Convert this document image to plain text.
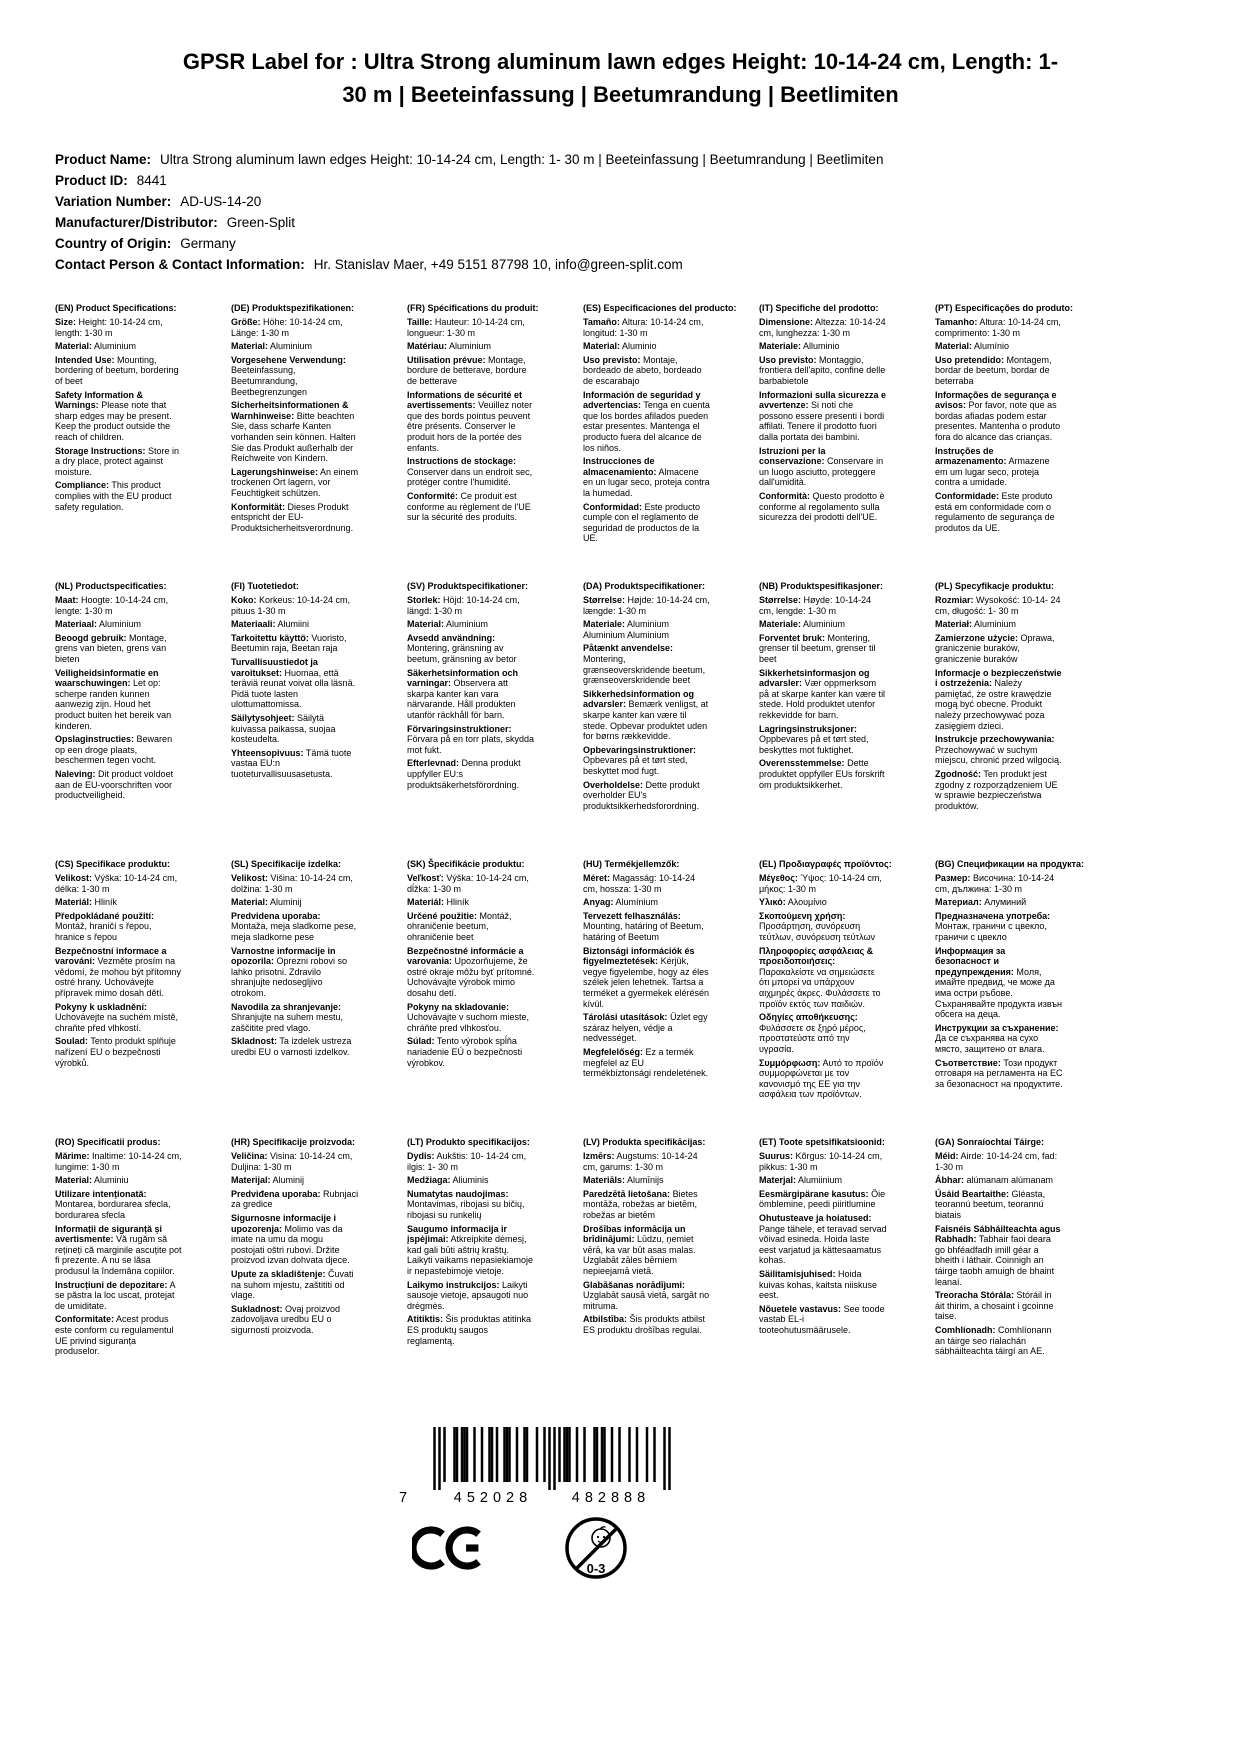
GPSR Label for : Ultra Strong aluminum lawn edges Height: 10-14-24 cm, Length: 1- 30 m | Beeteinfassung | Beetumrandung | Beetlimiten
Product Name: Ultra Strong aluminum lawn edges Height: 10-14-24 cm, Length: 1- 30 m | Beeteinfassung | Beetumrandung | Beetlimiten
Product ID: 8441
Variation Number: AD-US-14-20
Manufacturer/Distributor: Green-Split
Country of Origin: Germany
Contact Person & Contact Information: Hr. Stanislav Maer, +49 5151 87798 10, info@green-split.com
(EN) Product Specifications:

Size: Height: 10-14-24 cm, length: 1-30 m

Material: Aluminium

Intended Use: Mounting, bordering of beetum, bordering of beet

Safety Information & Warnings: Please note that sharp edges may be present. Keep the product outside the reach of children.

Storage Instructions: Store in a dry place, protect against moisture.

Compliance: This product complies with the EU product safety regulation.

(DE) Produktspezifikationen:

Größe: Höhe: 10-14-24 cm, Länge: 1-30 m

Material: Aluminium

Vorgesehene Verwendung: Beeteinfassung, Beetumrandung, Beetbegrenzungen

Sicherheitsinformationen & Warnhinweise: Bitte beachten Sie, dass scharfe Kanten vorhanden sein können. Halten Sie das Produkt außerhalb der Reichweite von Kindern.

Lagerungshinweise: An einem trockenen Ort lagern, vor Feuchtigkeit schützen.

Konformität: Dieses Produkt entspricht der EU-Produktsicherheitsverordnung.

(FR) Spécifications du produit:

Taille: Hauteur: 10-14-24 cm, longueur: 1-30 m

Matériau: Aluminium

Utilisation prévue: Montage, bordure de betterave, bordure de betterave

Informations de sécurité et avertissements: Veuillez noter que des bords pointus peuvent être présents. Conserver le produit hors de la portée des enfants.

Instructions de stockage: Conserver dans un endroit sec, protéger contre l'humidité.

Conformité: Ce produit est conforme au règlement de l'UE sur la sécurité des produits.

(ES) Especificaciones del producto:

Tamaño: Altura: 10-14-24 cm, longitud: 1-30 m

Material: Aluminio

Uso previsto: Montaje, bordeado de abeto, bordeado de escarabajo

Información de seguridad y advertencias: Tenga en cuenta que los bordes afilados pueden estar presentes. Mantenga el producto fuera del alcance de los niños.

Instrucciones de almacenamiento: Almacene en un lugar seco, proteja contra la humedad.

Conformidad: Este producto cumple con el reglamento de seguridad de productos de la UE.

(IT) Specifiche del prodotto:

Dimensione: Altezza: 10-14-24 cm, lunghezza: 1-30 m

Materiale: Alluminio

Uso previsto: Montaggio, frontiera dell'apito, confine delle barbabietole

Informazioni sulla sicurezza e avvertenze: Si noti che possono essere presenti i bordi affilati. Tenere il prodotto fuori dalla portata dei bambini.

Istruzioni per la conservazione: Conservare in un luogo asciutto, proteggere dall'umidità.

Conformità: Questo prodotto è conforme al regolamento sulla sicurezza dei prodotti dell'UE.

(PT) Especificações do produto:

Tamanho: Altura: 10-14-24 cm, comprimento: 1-30 m

Material: Alumínio

Uso pretendido: Montagem, bordar de beetum, bordar de beterraba

Informações de segurança e avisos: Por favor, note que as bordas afiadas podem estar presentes. Mantenha o produto fora do alcance das crianças.

Instruções de armazenamento: Armazene em um lugar seco, proteja contra a umidade.

Conformidade: Este produto está em conformidade com o regulamento de segurança de produtos da UE.

(NL) Productspecificaties:

Maat: Hoogte: 10-14-24 cm, lengte: 1-30 m

Materiaal: Aluminium

Beoogd gebruik: Montage, grens van bieten, grens van bieten

Veiligheidsinformatie en waarschuwingen: Let op: scherpe randen kunnen aanwezig zijn. Houd het product buiten het bereik van kinderen.

Opslaginstructies: Bewaren op een droge plaats, beschermen tegen vocht.

Naleving: Dit product voldoet aan de EU-voorschriften voor productveiligheid.

(FI) Tuotetiedot:

Koko: Korkeus: 10-14-24 cm, pituus 1-30 m

Materiaali: Alumiini

Tarkoitettu käyttö: Vuoristo, Beetumin raja, Beetan raja

Turvallisuustiedot ja varoitukset: Huomaa, että teräviä reunat voivat olla läsnä. Pidä tuote lasten ulottumattomissa.

Säilytysohjeet: Säilytä kuivassa paikassa, suojaa kosteudelta.

Yhteensopivuus: Tämä tuote vastaa EU:n tuoteturvallisuusasetusta.

(SV) Produktspecifikationer:

Storlek: Höjd: 10-14-24 cm, längd: 1-30 m

Material: Aluminium

Avsedd användning: Montering, gränsning av beetum, gränsning av betor

Säkerhetsinformation och varningar: Observera att skarpa kanter kan vara närvarande. Håll produkten utanför räckhåll för barn.

Förvaringsinstruktioner: Förvara på en torr plats, skydda mot fukt.

Efterlevnad: Denna produkt uppfyller EU:s produktsäkerhetsförordning.

(DA) Produktspecifikationer:

Størrelse: Højde: 10-14-24 cm, længde: 1-30 m

Materiale: Aluminium Aluminium Aluminium

Påtænkt anvendelse: Montering, grænseoverskridende beetum, grænseoverskridende beet

Sikkerhedsinformation og advarsler: Bemærk venligst, at skarpe kanter kan være til stede. Opbevar produktet uden for børns rækkevidde.

Opbevaringsinstruktioner: Opbevares på et tørt sted, beskyttet mod fugt.

Overholdelse: Dette produkt overholder EU's produktsikkerhedsforordning.

(NB) Produktspesifikasjoner:

Størrelse: Høyde: 10-14-24 cm, lengde: 1-30 m

Materiale: Aluminium

Forventet bruk: Montering, grenser til beetum, grenser til beet

Sikkerhetsinformasjon og advarsler: Vær oppmerksom på at skarpe kanter kan være til stede. Hold produktet utenfor rekkevidde for barn.

Lagringsinstruksjoner: Oppbevares på et tørt sted, beskyttes mot fuktighet.

Overensstemmelse: Dette produktet oppfyller EUs forskrift om produktsikkerhet.

(PL) Specyfikacje produktu:

Rozmiar: Wysokość: 10-14- 24 cm, długość: 1- 30 m

Materiał: Aluminium

Zamierzone użycie: Oprawa, graniczenie buraków, graniczenie buraków

Informacje o bezpieczeństwie i ostrzeżenia: Należy pamiętać, że ostre krawędzie mogą być obecne. Produkt należy przechowywać poza zasięgiem dzieci.

Instrukcje przechowywania: Przechowywać w suchym miejscu, chronić przed wilgocią.

Zgodność: Ten produkt jest zgodny z rozporządzeniem UE w sprawie bezpieczeństwa produktów.

(CS) Specifikace produktu:

Velikost: Výška: 10-14-24 cm, délka: 1-30 m

Materiál: Hliník

Předpokládané použití: Montáž, hraničí s řepou, hranice s řepou

Bezpečnostní informace a varování: Vezměte prosím na vědomí, že mohou být přítomny ostré hrany. Uchovávejte přípravek mimo dosah dětí.

Pokyny k uskladnění: Uchovávejte na suchém místě, chraňte před vlhkostí.

Soulad: Tento produkt splňuje nařízení EU o bezpečnosti výrobků.

(SL) Specifikacije izdelka:

Velikost: Višina: 10-14-24 cm, dolžina: 1-30 m

Material: Aluminij

Predvidena uporaba: Montaža, meja sladkorne pese, meja sladkorne pese

Varnostne informacije in opozorila: Oprezni robovi so lahko prisotni. Zdravilo shranjujte nedosegljivo otrokom.

Navodila za shranjevanje: Shranjujte na suhem mestu, zaščitite pred vlago.

Skladnost: Ta izdelek ustreza uredbi EU o varnosti izdelkov.

(SK) Špecifikácie produktu:

Veľkosť: Výška: 10-14-24 cm, dĺžka: 1-30 m

Materiál: Hliník

Určené použitie: Montáž, ohraničenie beetum, ohraničenie beet

Bezpečnostné informácie a varovania: Upozorňujeme, že ostré okraje môžu byť prítomné. Uchovávajte výrobok mimo dosahu detí.

Pokyny na skladovanie: Uchovávajte v suchom mieste, chráňte pred vlhkosťou.

Súlad: Tento výrobok spĺňa nariadenie EÚ o bezpečnosti výrobkov.

(HU) Termékjellemzők:

Méret: Magasság: 10-14-24 cm, hossza: 1-30 m

Anyag: Alumínium

Tervezett felhasználás: Mounting, határing of Beetum, határing of Beetum

Biztonsági információk és figyelmeztetések: Kérjük, vegye figyelembe, hogy az éles szélek jelen lehetnek. Tartsa a terméket a gyermekek elérésén kívül.

Tárolási utasítások: Üzlet egy száraz helyen, védje a nedvességet.

Megfelelőség: Ez a termék megfelel az EU termékbiztonsági rendeletének.

(EL) Προδιαγραφές προϊόντος:

Μέγεθος: Ύψος: 10-14-24 cm, μήκος: 1-30 m

Υλικό: Αλουμίνιο

Σκοπούμενη χρήση: Προσάρτηση, συνόρευση τεύτλων, συνόρευση τεύτλων

Πληροφορίες ασφάλειας & προειδοποιήσεις: Παρακαλείστε να σημειώσετε ότι μπορεί να υπάρχουν αιχμηρές άκρες. Φυλάσσετε το προϊόν εκτός των παιδιών.

Οδηγίες αποθήκευσης: Φυλάσσετε σε ξηρό μέρος, προστατεύστε από την υγρασία.

Συμμόρφωση: Αυτό το προϊόν συμμορφώνεται με τον κανονισμό της ΕΕ για την ασφάλεια των προϊόντων.

(BG) Спецификации на продукта:

Размер: Височина: 10-14-24 cm, дължина: 1-30 m

Материал: Алуминий

Предназначена употреба: Монтаж, граничи с цвекло, граничи с цвекло

Информация за безопасност и предупреждения: Моля, имайте предвид, че може да има остри ръбове. Съхранявайте продукта извън обсега на деца.

Инструкции за съхранение: Да се съхранява на сухо място, защитено от влага.

Съответствие: Този продукт отговаря на регламента на ЕС за безопасност на продуктите.

(RO) Specificatii produs:

Mărime: Inaltime: 10-14-24 cm, lungime: 1-30 m

Material: Aluminiu

Utilizare intenționată: Montarea, bordurarea sfecla, bordurarea sfecla

Informații de siguranță și avertismente: Vă rugăm să rețineți că marginile ascuțite pot fi prezente. A nu se lăsa produsul la îndemâna copiilor.

Instrucțiuni de depozitare: A se păstra la loc uscat, protejat de umiditate.

Conformitate: Acest produs este conform cu regulamentul UE privind siguranța produselor.

(HR) Specifikacije proizvoda:

Veličina: Visina: 10-14-24 cm, Duljina: 1-30 m

Materijal: Aluminij

Predviđena uporaba: Rubnjaci za gredice

Sigurnosne informacije i upozorenja: Molimo vas da imate na umu da mogu postojati oštri rubovi. Držite proizvod izvan dohvata djece.

Upute za skladištenje: Čuvati na suhom mjestu, zaštititi od vlage.

Sukladnost: Ovaj proizvod zadovoljava uredbu EU o sigurnosti proizvoda.

(LT) Produkto specifikacijos:

Dydis: Aukštis: 10- 14-24 cm, ilgis: 1- 30 m

Medžiaga: Aliuminis

Numatytas naudojimas: Montavimas, ribojasi su bičių, ribojasi su runkelių

Saugumo informacija ir įspėjimai: Atkreipkite dėmesį, kad gali būti aštrių kraštų. Laikyti vaikams nepasiekiamoje ir nepastebimoje vietoje.

Laikymo instrukcijos: Laikyti sausoje vietoje, apsaugoti nuo drėgmės.

Atitiktis: Šis produktas atitinka ES produktų saugos reglamentą.

(LV) Produkta specifikācijas:

Izmērs: Augstums: 10-14-24 cm, garums: 1-30 m

Materiāls: Alumīnijs

Paredzētā lietošana: Bietes montāža, robežas ar bietēm, robežas ar bietēm

Drošības informācija un brīdinājumi: Lūdzu, ņemiet vērā, ka var būt asas malas. Uzglabāt zāles bērniem nepieejamā vietā.

Glabāšanas norādījumi: Uzglabāt sausā vietā, sargāt no mitruma.

Atbilstība: Šis produkts atbilst ES produktu drošības regulai.

(ET) Toote spetsifikatsioonid:

Suurus: Kõrgus: 10-14-24 cm, pikkus: 1-30 m

Materjal: Alumiinium

Eesmärgipärane kasutus: Öie ömblemine, peedi piiritlumine

Ohutusteave ja hoiatused: Pange tähele, et teravad servad võivad esineda. Hoida laste eest varjatud ja kättesaamatus kohas.

Säilitamisjuhised: Hoida kuivas kohas, kaitsta niiskuse eest.

Nõuetele vastavus: See toode vastab EL-i tooteohutusmäärusele.

(GA) Sonraíochtaí Táirge:

Méid: Airde: 10-14-24 cm, fad: 1-30 m

Ábhar: alúmanam alúmanam

Úsáid Beartaithe: Gléasta, teorannú beetum, teorannú biatais

Faisnéis Sábháilteachta agus Rabhadh: Tabhair faoi deara go bhféadfadh imill géar a bheith i láthair. Coinnigh an táirge taobh amuigh de bhaint leanaí.

Treoracha Stórála: Stóráil in áit thirim, a chosaint i gcoinne taise.

Comhlíonadh: Comhlíonann an táirge seo rialachán sábháilteachta táirgí an AE.

7	452028	482888
0-3
